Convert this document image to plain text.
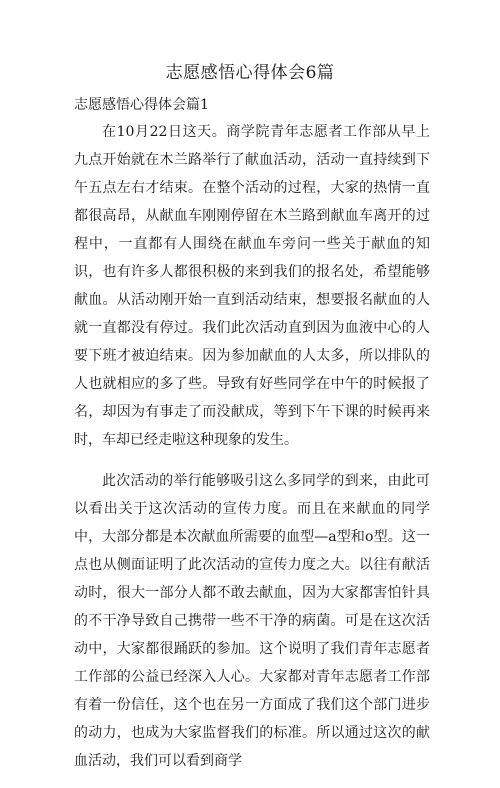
志愿感悟心得体会6篇
志愿感悟心得体会篇1

在10月22日这天。商学院青年志愿者工作部从早上九点开始就在木兰路举行了献血活动，活动一直持续到下午五点左右才结束。在整个活动的过程，大家的热情一直都很高昂，从献血车刚刚停留在木兰路到献血车离开的过程中，一直都有人围绕在献血车旁问一些关于献血的知识，也有许多人都很积极的来到我们的报名处，希望能够献血。从活动刚开始一直到活动结束，想要报名献血的人就一直都没有停过。我们此次活动直到因为血液中心的人要下班才被迫结束。因为参加献血的人太多，所以排队的人也就相应的多了些。导致有好些同学在中午的时候报了名，却因为有事走了而没献成，等到下午下课的时候再来时，车却已经走啦这种现象的发生。

此次活动的举行能够吸引这么多同学的到来，由此可以看出关于这次活动的宣传力度。而且在来献血的同学中，大部分都是本次献血所需要的血型—a型和o型。这一点也从侧面证明了此次活动的宣传力度之大。以往有献活动时，很大一部分人都不敢去献血，因为大家都害怕针具的不干净导致自己携带一些不干净的病菌。可是在这次活动中，大家都很踊跃的参加。这个说明了我们青年志愿者工作部的公益已经深入人心。大家都对青年志愿者工作部有着一份信任，这个也在另一方面成了我们这个部门进步的动力，也成为大家监督我们的标准。所以通过这次的献血活动，我们可以看到商学
